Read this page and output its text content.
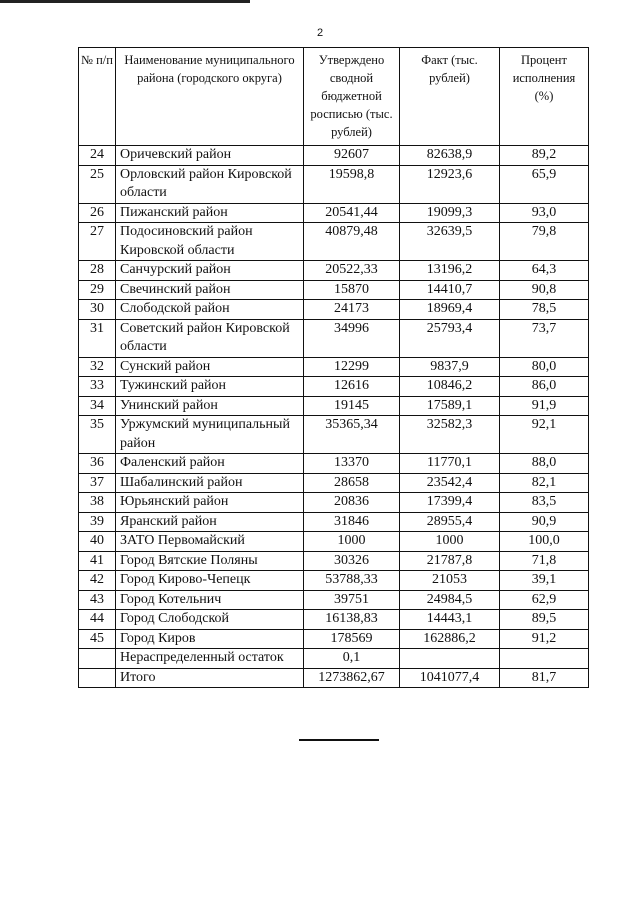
2
№ п/п	Наименование муниципального района (городского округа)	Утверждено сводной бюджетной росписью (тыс. рублей)	Факт (тыс. рублей)	Процент исполнения (%)
24	Оричевский район	92607	82638,9	89,2
25	Орловский район Кировской области	19598,8	12923,6	65,9
26	Пижанский район	20541,44	19099,3	93,0
27	Подосиновский район Кировской области	40879,48	32639,5	79,8
28	Санчурский район	20522,33	13196,2	64,3
29	Свечинский район	15870	14410,7	90,8
30	Слободской район	24173	18969,4	78,5
31	Советский район Кировской области	34996	25793,4	73,7
32	Сунский район	12299	9837,9	80,0
33	Тужинский район	12616	10846,2	86,0
34	Унинский район	19145	17589,1	91,9
35	Уржумский муниципальный район	35365,34	32582,3	92,1
36	Фаленский район	13370	11770,1	88,0
37	Шабалинский район	28658	23542,4	82,1
38	Юрьянский район	20836	17399,4	83,5
39	Яранский район	31846	28955,4	90,9
40	ЗАТО Первомайский	1000	1000	100,0
41	Город Вятские Поляны	30326	21787,8	71,8
42	Город Кирово-Чепецк	53788,33	21053	39,1
43	Город Котельнич	39751	24984,5	62,9
44	Город Слободской	16138,83	14443,1	89,5
45	Город Киров	178569	162886,2	91,2
	Нераспределенный остаток	0,1		
	Итого	1273862,67	1041077,4	81,7
